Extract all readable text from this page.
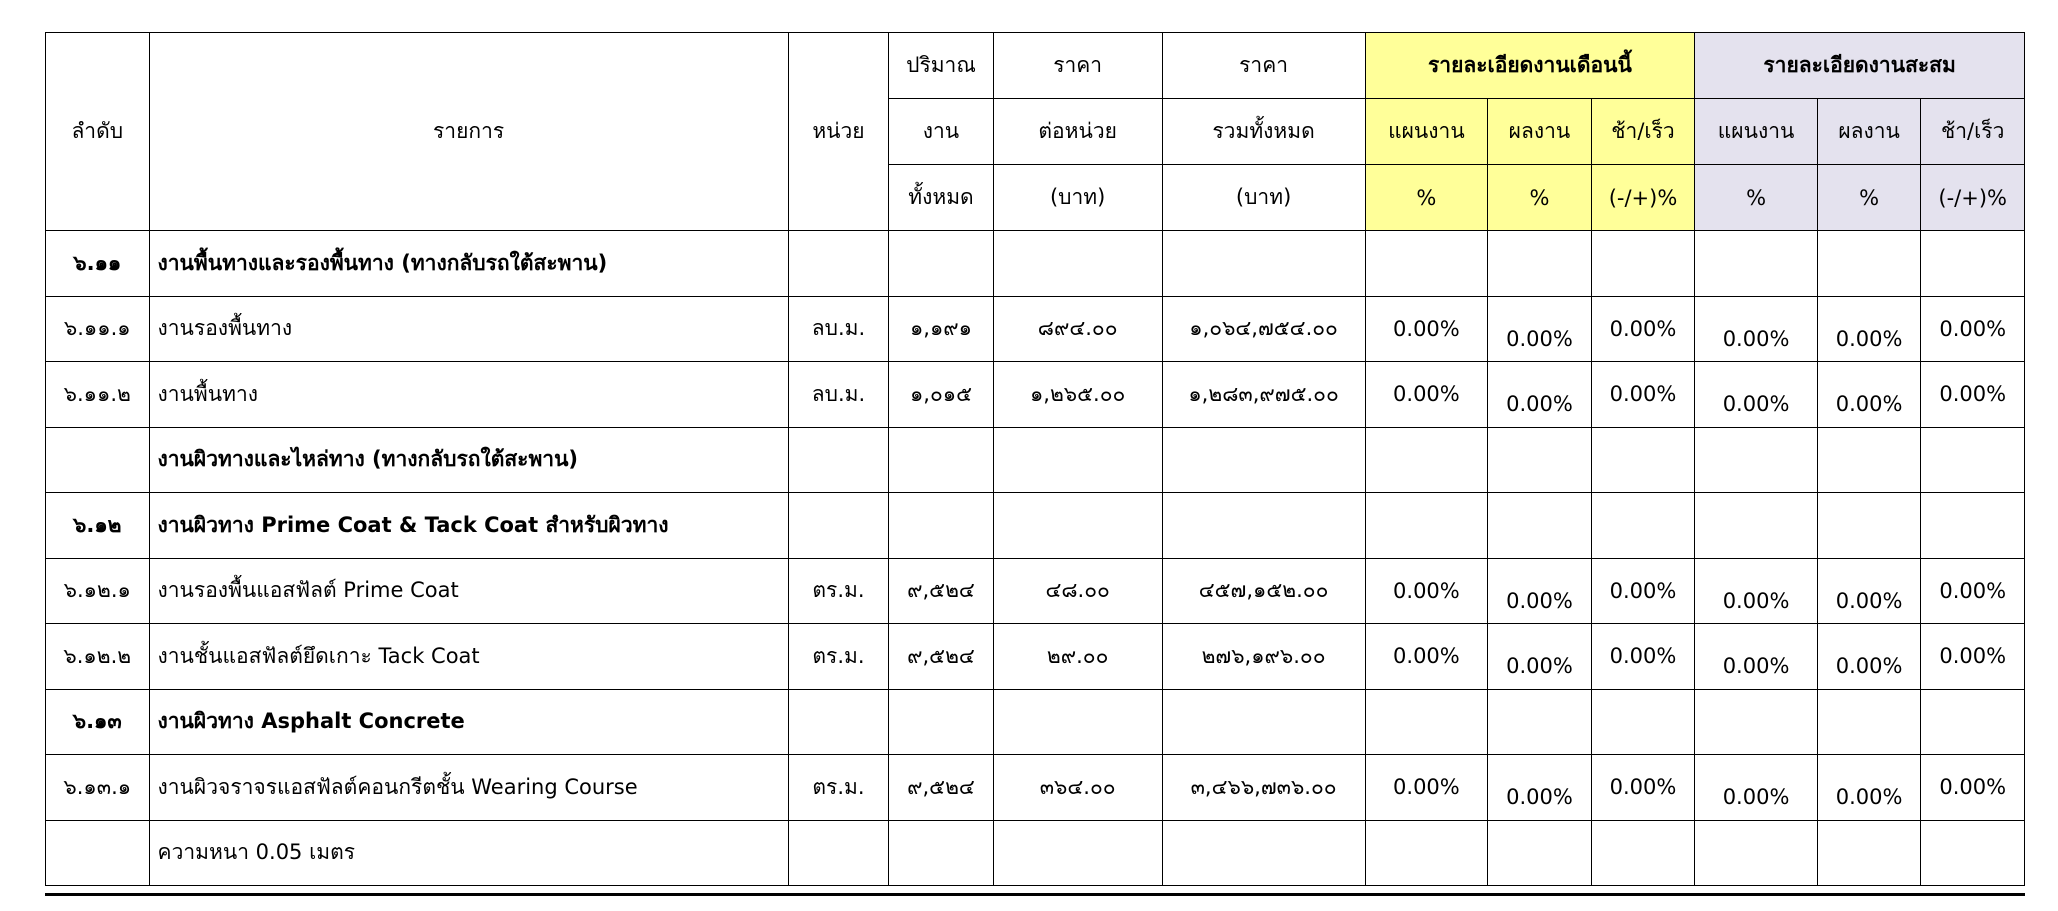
ลำดับ	รายการ	หน่วย	ปริมาณ	ราคา	ราคา	รายละเอียดงานเดือนนี้			รายละเอียดงานสะสม		
			งาน	ต่อหน่วย	รวมทั้งหมด	แผนงาน	ผลงาน	ช้า/เร็ว	แผนงาน	ผลงาน	ช้า/เร็ว
			ทั้งหมด	(บาท)	(บาท)	%	%	(-/+)%	%	%	(-/+)%
๖.๑๑	งานพื้นทางและรองพื้นทาง (ทางกลับรถใต้สะพาน)										
๖.๑๑.๑	งานรองพื้นทาง	ลบ.ม.	๑,๑๙๑	๘๙๔.๐๐	๑,๐๖๔,๗๕๔.๐๐	0.00%	0.00%	0.00%	0.00%	0.00%	0.00%
๖.๑๑.๒	งานพื้นทาง	ลบ.ม.	๑,๐๑๕	๑,๒๖๕.๐๐	๑,๒๘๓,๙๗๕.๐๐	0.00%	0.00%	0.00%	0.00%	0.00%	0.00%
	งานผิวทางและไหล่ทาง (ทางกลับรถใต้สะพาน)										
๖.๑๒	งานผิวทาง Prime Coat & Tack Coat สำหรับผิวทาง										
๖.๑๒.๑	งานรองพื้นแอสฟัลต์ Prime Coat	ตร.ม.	๙,๕๒๔	๔๘.๐๐	๔๕๗,๑๕๒.๐๐	0.00%	0.00%	0.00%	0.00%	0.00%	0.00%
๖.๑๒.๒	งานชั้นแอสฟัลต์ยึดเกาะ Tack Coat	ตร.ม.	๙,๕๒๔	๒๙.๐๐	๒๗๖,๑๙๖.๐๐	0.00%	0.00%	0.00%	0.00%	0.00%	0.00%
๖.๑๓	งานผิวทาง Asphalt Concrete										
๖.๑๓.๑	งานผิวจราจรแอสฟัลต์คอนกรีตชั้น Wearing Course	ตร.ม.	๙,๕๒๔	๓๖๔.๐๐	๓,๔๖๖,๗๓๖.๐๐	0.00%	0.00%	0.00%	0.00%	0.00%	0.00%
	ความหนา 0.05 เมตร										
